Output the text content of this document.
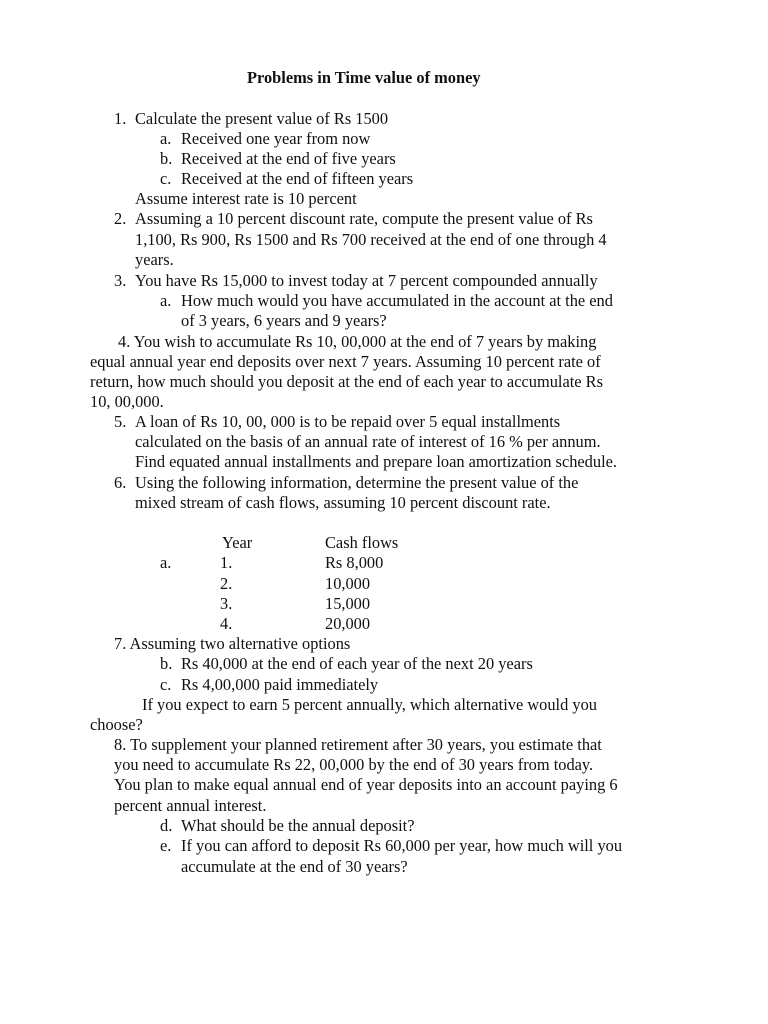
Problems in Time value of money
1. Calculate the present value of Rs 1500
a. Received one year from now
b. Received at the end of five years
c. Received at the end of fifteen years
Assume interest rate is 10 percent
2. Assuming a 10 percent discount rate, compute the present value of Rs
1,100, Rs 900, Rs 1500 and Rs 700 received at the end of one through 4
years.
3. You have Rs 15,000 to invest today at 7 percent compounded annually
a. How much would you have accumulated in the account at the end
of 3 years, 6 years and 9 years?
4. You wish to accumulate Rs 10, 00,000 at the end of 7 years by making
equal annual year end deposits over next 7 years. Assuming 10 percent rate of
return, how much should you deposit at the end of each year to accumulate Rs
10, 00,000.
5. A loan of Rs 10, 00, 000 is to be repaid over 5 equal installments
calculated on the basis of an annual rate of interest of 16 % per annum.
Find equated annual installments and prepare loan amortization schedule.
6. Using the following information, determine the present value of the
mixed stream of cash flows, assuming 10 percent discount rate.
Year	Cash flows
a.	1.	Rs 8,000
2.	10,000
3.	15,000
4.	20,000
7. Assuming two alternative options
b. Rs 40,000 at the end of each year of the next 20 years
c. Rs 4,00,000 paid immediately
If you expect to earn 5 percent annually, which alternative would you
choose?
8. To supplement your planned retirement after 30 years, you estimate that
you need to accumulate Rs 22, 00,000 by the end of 30 years from today.
You plan to make equal annual end of year deposits into an account paying 6
percent annual interest.
d. What should be the annual deposit?
e. If you can afford to deposit Rs 60,000 per year, how much will you
accumulate at the end of 30 years?
